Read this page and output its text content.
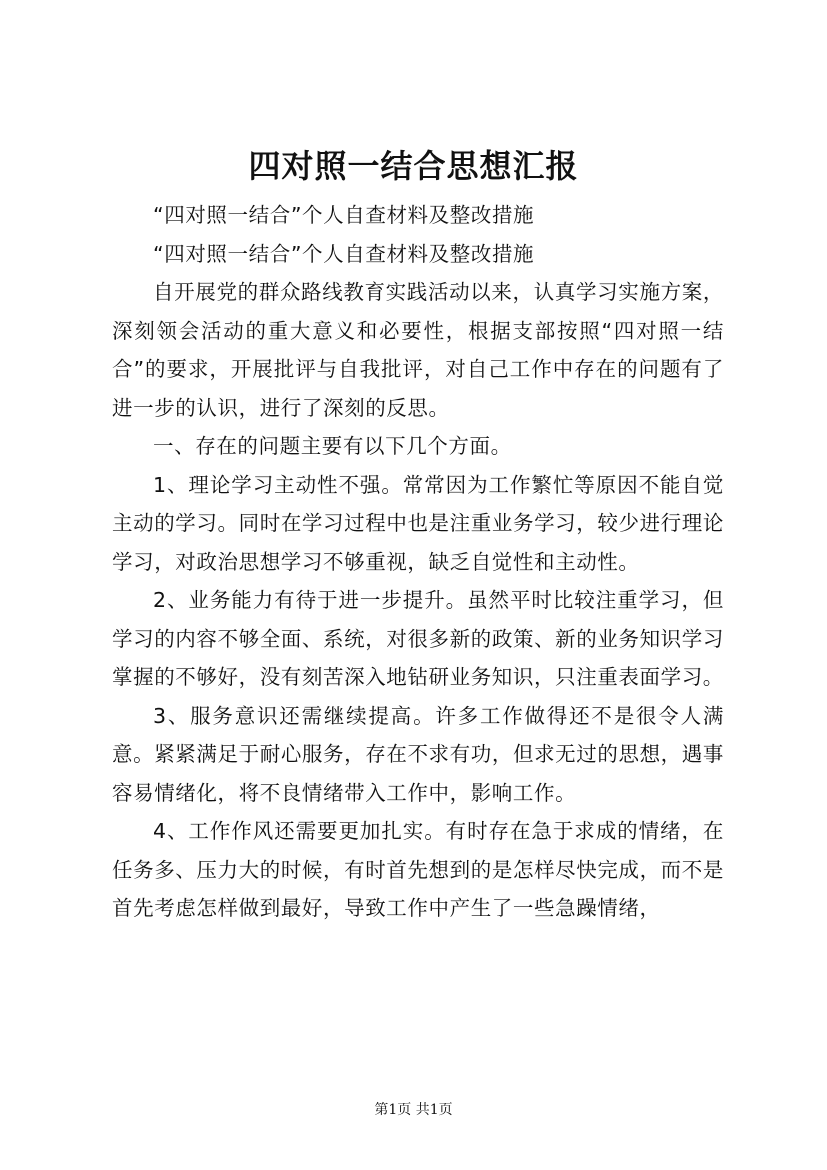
四对照一结合思想汇报

“四对照一结合”个人自查材料及整改措施

“四对照一结合”个人自查材料及整改措施

自开展党的群众路线教育实践活动以来，认真学习实施方案，深刻领会活动的重大意义和必要性，根据支部按照“四对照一结合”的要求，开展批评与自我批评，对自己工作中存在的问题有了进一步的认识，进行了深刻的反思。

一、存在的问题主要有以下几个方面。

1、理论学习主动性不强。常常因为工作繁忙等原因不能自觉主动的学习。同时在学习过程中也是注重业务学习，较少进行理论学习，对政治思想学习不够重视，缺乏自觉性和主动性。

2、业务能力有待于进一步提升。虽然平时比较注重学习，但学习的内容不够全面、系统，对很多新的政策、新的业务知识学习掌握的不够好，没有刻苦深入地钻研业务知识，只注重表面学习。

3、服务意识还需继续提高。许多工作做得还不是很令人满意。紧紧满足于耐心服务，存在不求有功，但求无过的思想，遇事容易情绪化，将不良情绪带入工作中，影响工作。

4、工作作风还需要更加扎实。有时存在急于求成的情绪，在任务多、压力大的时候，有时首先想到的是怎样尽快完成，而不是首先考虑怎样做到最好，导致工作中产生了一些急躁情绪，

第1页 共1页
